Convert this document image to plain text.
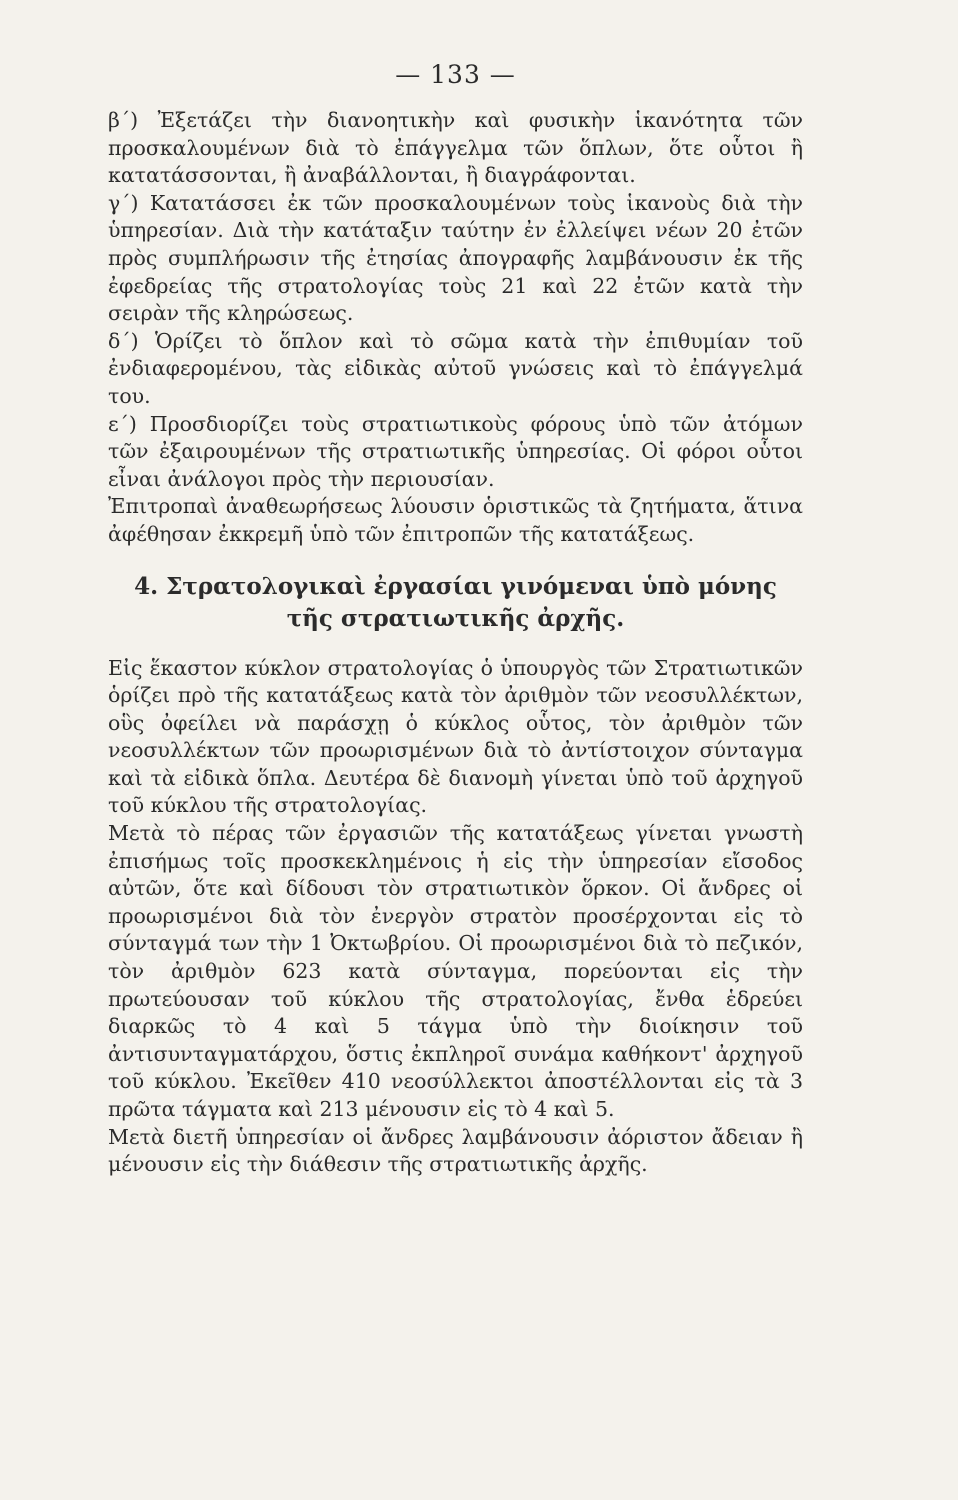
— 133 —

β΄) Ἐξετάζει τὴν διανοητικὴν καὶ φυσικὴν ἱκανότητα τῶν προσκαλουμένων διὰ τὸ ἐπάγγελμα τῶν ὅπλων, ὅτε οὗτοι ἢ κατατάσσονται, ἢ ἀναβάλλονται, ἢ διαγράφονται.

γ΄) Κατατάσσει ἐκ τῶν προσκαλουμένων τοὺς ἱκανοὺς διὰ τὴν ὑπηρεσίαν. Διὰ τὴν κατάταξιν ταύτην ἐν ἐλλείψει νέων 20 ἐτῶν πρὸς συμπλήρωσιν τῆς ἐτησίας ἀπογραφῆς λαμβάνουσιν ἐκ τῆς ἐφεδρείας τῆς στρατολογίας τοὺς 21 καὶ 22 ἐτῶν κατὰ τὴν σειρὰν τῆς κληρώσεως.

δ΄) Ὁρίζει τὸ ὅπλον καὶ τὸ σῶμα κατὰ τὴν ἐπιθυμίαν τοῦ ἐνδιαφερομένου, τὰς εἰδικὰς αὐτοῦ γνώσεις καὶ τὸ ἐπάγγελμά του.

ε΄) Προσδιορίζει τοὺς στρατιωτικοὺς φόρους ὑπὸ τῶν ἀτόμων τῶν ἐξαιρουμένων τῆς στρατιωτικῆς ὑπηρεσίας. Οἱ φόροι οὗτοι εἶναι ἀνάλογοι πρὸς τὴν περιουσίαν.

Ἐπιτροπαὶ ἀναθεωρήσεως λύουσιν ὁριστικῶς τὰ ζητήματα, ἅτινα ἀφέθησαν ἐκκρεμῆ ὑπὸ τῶν ἐπιτροπῶν τῆς κατατάξεως.

4. Στρατολογικαὶ ἐργασίαι γινόμεναι ὑπὸ μόνης
τῆς στρατιωτικῆς ἀρχῆς.

Εἰς ἕκαστον κύκλον στρατολογίας ὁ ὑπουργὸς τῶν Στρατιωτικῶν ὁρίζει πρὸ τῆς κατατάξεως κατὰ τὸν ἀριθμὸν τῶν νεοσυλλέκτων, οὓς ὀφείλει νὰ παράσχῃ ὁ κύκλος οὗτος, τὸν ἀριθμὸν τῶν νεοσυλλέκτων τῶν προωρισμένων διὰ τὸ ἀντίστοιχον σύνταγμα καὶ τὰ εἰδικὰ ὅπλα. Δευτέρα δὲ διανομὴ γίνεται ὑπὸ τοῦ ἀρχηγοῦ τοῦ κύκλου τῆς στρατολογίας.

Μετὰ τὸ πέρας τῶν ἐργασιῶν τῆς κατατάξεως γίνεται γνωστὴ ἐπισήμως τοῖς προσκεκλημένοις ἡ εἰς τὴν ὑπηρεσίαν εἴσοδος αὐτῶν, ὅτε καὶ δίδουσι τὸν στρατιωτικὸν ὅρκον. Οἱ ἄνδρες οἱ προωρισμένοι διὰ τὸν ἐνεργὸν στρατὸν προσέρχονται εἰς τὸ σύνταγμά των τὴν 1 Ὀκτωβρίου. Οἱ προωρισμένοι διὰ τὸ πεζικόν, τὸν ἀριθμὸν 623 κατὰ σύνταγμα, πορεύονται εἰς τὴν πρωτεύουσαν τοῦ κύκλου τῆς στρατολογίας, ἔνθα ἑδρεύει διαρκῶς τὸ 4 καὶ 5 τάγμα ὑπὸ τὴν διοίκησιν τοῦ ἀντισυνταγματάρχου, ὅστις ἐκπληροῖ συνάμα καθήκοντ' ἀρχηγοῦ τοῦ κύκλου. Ἐκεῖθεν 410 νεοσύλλεκτοι ἀποστέλλονται εἰς τὰ 3 πρῶτα τάγματα καὶ 213 μένουσιν εἰς τὸ 4 καὶ 5.

Μετὰ διετῆ ὑπηρεσίαν οἱ ἄνδρες λαμβάνουσιν ἀόριστον ἄδειαν ἢ μένουσιν εἰς τὴν διάθεσιν τῆς στρατιωτικῆς ἀρχῆς.
